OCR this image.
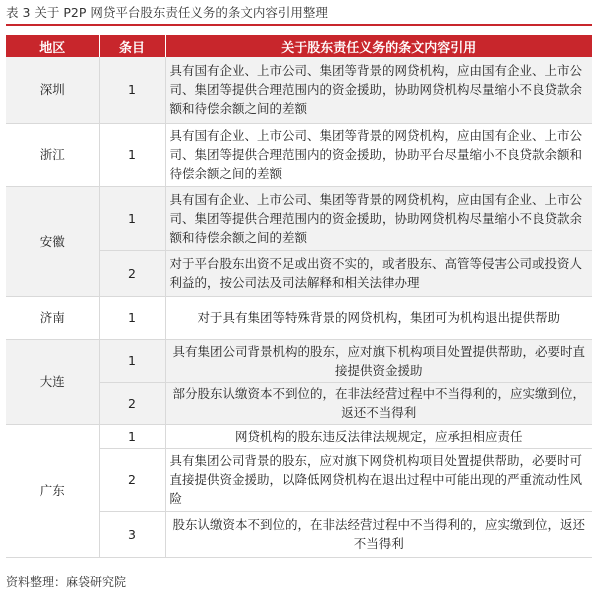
表 3 关于 P2P 网贷平台股东责任义务的条文内容引用整理
地区	条目	关于股东责任义务的条文内容引用
深圳	1	具有国有企业、上市公司、集团等背景的网贷机构，应由国有企业、上市公司、集团等提供合理范围内的资金援助，协助网贷机构尽量缩小不良贷款余额和待偿余额之间的差额
浙江	1	具有国有企业、上市公司、集团等背景的网贷机构，应由国有企业、上市公司、集团等提供合理范围内的资金援助，协助平台尽量缩小不良贷款余额和待偿余额之间的差额
安徽	1	具有国有企业、上市公司、集团等背景的网贷机构，应由国有企业、上市公司、集团等提供合理范围内的资金援助，协助网贷机构尽量缩小不良贷款余额和待偿余额之间的差额
	2	对于平台股东出资不足或出资不实的，或者股东、高管等侵害公司或投资人利益的，按公司法及司法解释和相关法律办理
济南	1	对于具有集团等特殊背景的网贷机构，集团可为机构退出提供帮助
大连	1	具有集团公司背景机构的股东，应对旗下机构项目处置提供帮助，必要时直接提供资金援助
	2	部分股东认缴资本不到位的，在非法经营过程中不当得利的，应实缴到位，返还不当得利
广东	1	网贷机构的股东违反法律法规规定，应承担相应责任
	2	具有集团公司背景的股东，应对旗下网贷机构项目处置提供帮助，必要时可直接提供资金援助，以降低网贷机构在退出过程中可能出现的严重流动性风险
	3	股东认缴资本不到位的，在非法经营过程中不当得利的，应实缴到位，返还不当得利
资料整理：麻袋研究院
